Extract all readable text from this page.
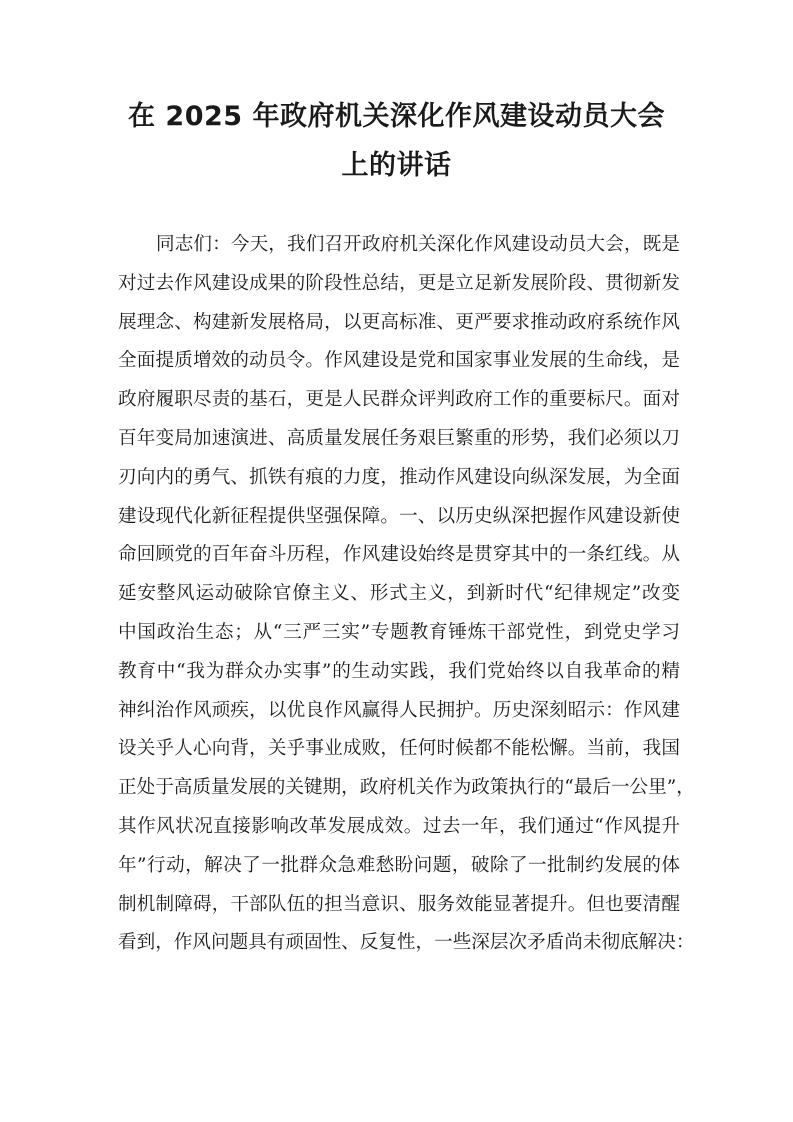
在 2025 年政府机关深化作风建设动员大会
上的讲话
同志们：今天，我们召开政府机关深化作风建设动员大会，既是
对过去作风建设成果的阶段性总结，更是立足新发展阶段、贯彻新发
展理念、构建新发展格局，以更高标准、更严要求推动政府系统作风
全面提质增效的动员令。作风建设是党和国家事业发展的生命线，是
政府履职尽责的基石，更是人民群众评判政府工作的重要标尺。面对
百年变局加速演进、高质量发展任务艰巨繁重的形势，我们必须以刀
刃向内的勇气、抓铁有痕的力度，推动作风建设向纵深发展，为全面
建设现代化新征程提供坚强保障。一、以历史纵深把握作风建设新使
命回顾党的百年奋斗历程，作风建设始终是贯穿其中的一条红线。从
延安整风运动破除官僚主义、形式主义，到新时代“纪律规定”改变
中国政治生态；从“三严三实”专题教育锤炼干部党性，到党史学习
教育中“我为群众办实事”的生动实践，我们党始终以自我革命的精
神纠治作风顽疾，以优良作风赢得人民拥护。历史深刻昭示：作风建
设关乎人心向背，关乎事业成败，任何时候都不能松懈。当前，我国
正处于高质量发展的关键期，政府机关作为政策执行的“最后一公里”，
其作风状况直接影响改革发展成效。过去一年，我们通过“作风提升
年”行动，解决了一批群众急难愁盼问题，破除了一批制约发展的体
制机制障碍，干部队伍的担当意识、服务效能显著提升。但也要清醒
看到，作风问题具有顽固性、反复性，一些深层次矛盾尚未彻底解决：
